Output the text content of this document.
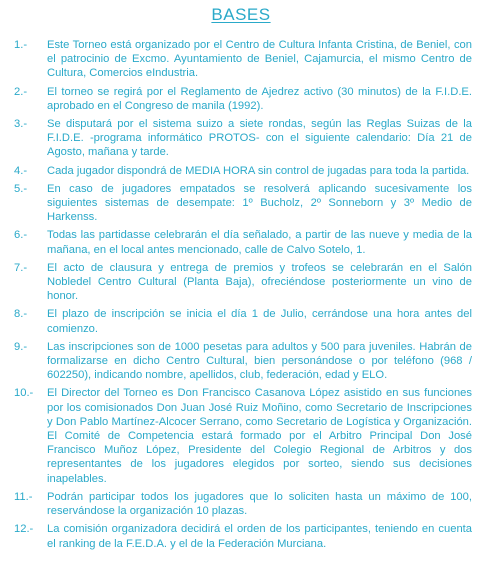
BASES
1.-	Este Torneo está organizado por el Centro de Cultura Infanta Cristina, de Beniel, con el patrocinio de Excmo. Ayuntamiento de Beniel, Cajamurcia, el mismo Centro de Cultura, Comercios eIndustria.
2.-	El torneo se regirá por el Reglamento de Ajedrez activo (30 minutos) de la F.I.D.E. aprobado en el Congreso de manila (1992).
3.-	Se disputará por el sistema suizo a siete rondas, según las Reglas Suizas de la F.I.D.E. -programa informático PROTOS- con el siguiente calendario: Día 21 de Agosto, mañana y tarde.
4.-	Cada jugador dispondrá de MEDIA HORA sin control de jugadas para toda la partida.
5.-	En caso de jugadores empatados se resolverá aplicando sucesivamente los siguientes sistemas de desempate: 1º Bucholz, 2º Sonneborn y 3º Medio de Harkenss.
6.-	Todas las partidasse celebrarán el día señalado, a partir de las nueve y media de la mañana, en el local antes mencionado, calle de Calvo Sotelo, 1.
7.-	El acto de clausura y entrega de premios y trofeos se celebrarán en el Salón Nobledel Centro Cultural (Planta Baja), ofreciéndose posteriormente un vino de honor.
8.-	El plazo de inscripción se inicia el día 1 de Julio, cerrándose una hora antes del comienzo.
9.-	Las inscripciones son de 1000 pesetas para adultos y 500 para juveniles. Habrán de formalizarse en dicho Centro Cultural, bien personándose o por teléfono (968 / 602250), indicando nombre, apellidos, club, federación, edad y ELO.
10.-	El Director del Torneo es Don Francisco Casanova López asistido en sus funciones por los comisionados Don Juan José Ruiz Moñino, como Secretario de Inscripciones y Don Pablo Martínez-Alcocer Serrano, como Secretario de Logística y Organización. El Comité de Competencia estará formado por el Arbitro Principal Don José Francisco Muñoz López, Presidente del Colegio Regional de Arbitros y dos representantes de los jugadores elegidos por sorteo, siendo sus decisiones inapelables.
11.-	Podrán participar todos los jugadores que lo soliciten hasta un máximo de 100, reservándose la organización 10 plazas.
12.-	La comisión organizadora decidirá el orden de los participantes, teniendo en cuenta el ranking de la F.E.D.A. y el de la Federación Murciana.
